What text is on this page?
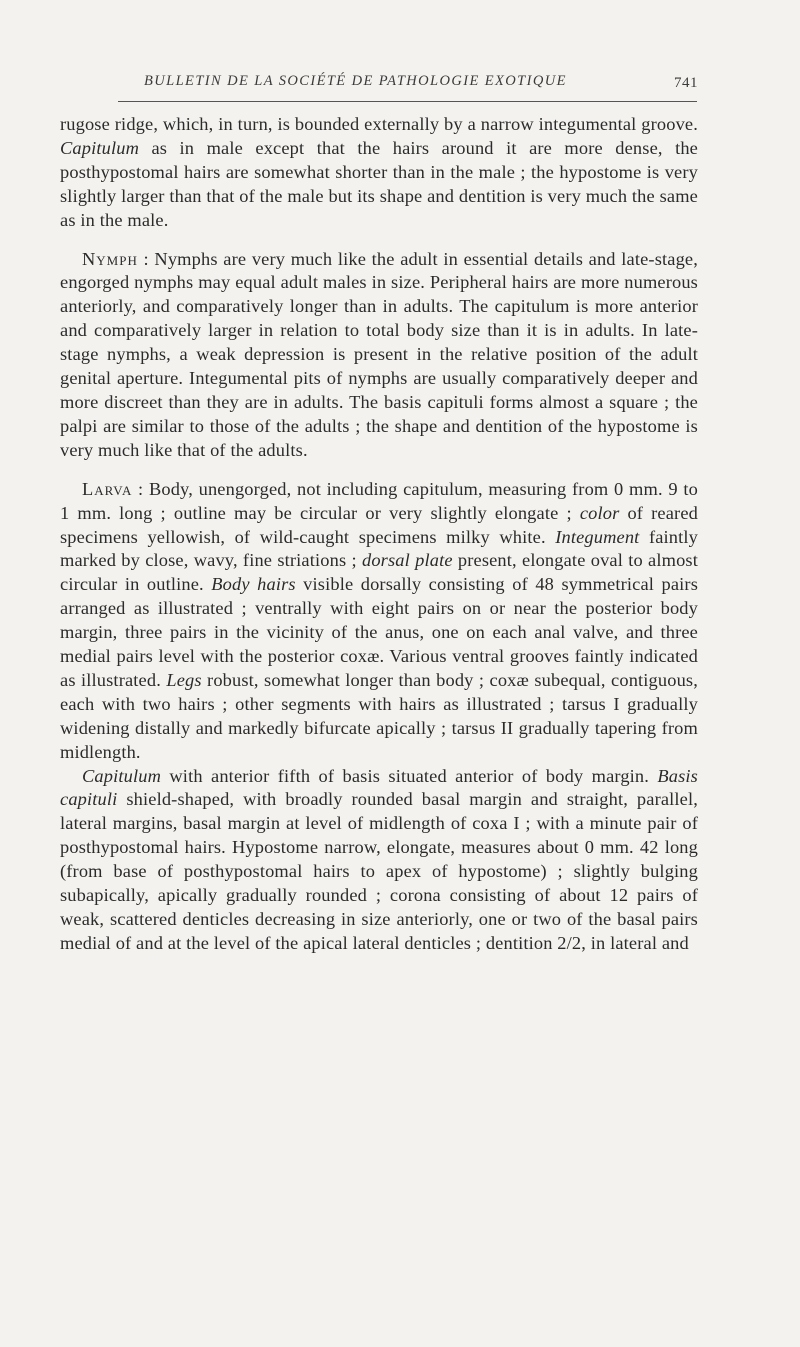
BULLETIN DE LA SOCIÉTÉ DE PATHOLOGIE EXOTIQUE	741

rugose ridge, which, in turn, is bounded externally by a narrow integumental groove. Capitulum as in male except that the hairs around it are more dense, the posthypostomal hairs are somewhat shorter than in the male ; the hypostome is very slightly larger than that of the male but its shape and dentition is very much the same as in the male.

Nymph : Nymphs are very much like the adult in essential details and late-stage, engorged nymphs may equal adult males in size. Peripheral hairs are more numerous anteriorly, and comparatively longer than in adults. The capitulum is more anterior and comparatively larger in relation to total body size than it is in adults. In late-stage nymphs, a weak depression is present in the relative position of the adult genital aperture. Integumental pits of nymphs are usually comparatively deeper and more discreet than they are in adults. The basis capituli forms almost a square ; the palpi are similar to those of the adults ; the shape and dentition of the hypostome is very much like that of the adults.

Larva : Body, unengorged, not including capitulum, measuring from 0 mm. 9 to 1 mm. long ; outline may be circular or very slightly elongate ; color of reared specimens yellowish, of wild-caught specimens milky white. Integument faintly marked by close, wavy, fine striations ; dorsal plate present, elongate oval to almost circular in outline. Body hairs visible dorsally consisting of 48 symmetrical pairs arranged as illustrated ; ventrally with eight pairs on or near the posterior body margin, three pairs in the vicinity of the anus, one on each anal valve, and three medial pairs level with the posterior coxæ. Various ventral grooves faintly indicated as illustrated. Legs robust, somewhat longer than body ; coxæ subequal, contiguous, each with two hairs ; other segments with hairs as illustrated ; tarsus I gradually widening distally and markedly bifurcate apically ; tarsus II gradually tapering from midlength.

Capitulum with anterior fifth of basis situated anterior of body margin. Basis capituli shield-shaped, with broadly rounded basal margin and straight, parallel, lateral margins, basal margin at level of midlength of coxa I ; with a minute pair of posthypostomal hairs. Hypostome narrow, elongate, measures about 0 mm. 42 long (from base of posthypostomal hairs to apex of hypostome) ; slightly bulging subapically, apically gradually rounded ; corona consisting of about 12 pairs of weak, scattered denticles decreasing in size anteriorly, one or two of the basal pairs medial of and at the level of the apical lateral denticles ; dentition 2/2, in lateral and
